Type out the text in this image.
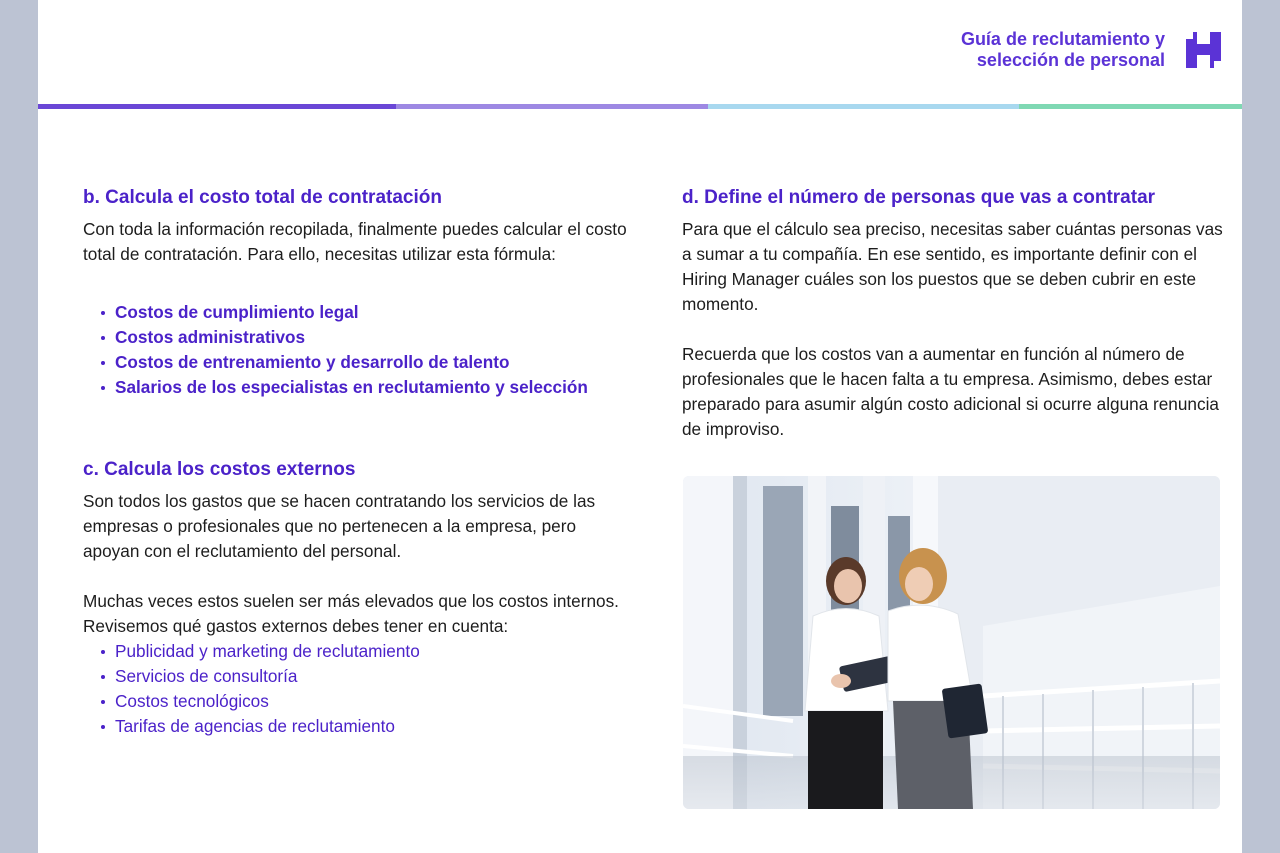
Guía de reclutamiento y
selección de personal
b. Calcula el costo total de contratación

Con toda la información recopilada, finalmente puedes calcular el costo total de contratación. Para ello, necesitas utilizar esta fórmula:

Costos de cumplimiento legal
Costos administrativos
Costos de entrenamiento y desarrollo de talento
Salarios de los especialistas en reclutamiento y selección
c. Calcula los costos externos

Son todos los gastos que se hacen contratando los servicios de las empresas o profesionales que no pertenecen a la empresa, pero apoyan con el reclutamiento del personal.

Muchas veces estos suelen ser más elevados que los costos internos. Revisemos qué gastos externos debes tener en cuenta:

Publicidad y marketing de reclutamiento
Servicios de consultoría
Costos tecnológicos
Tarifas de agencias de reclutamiento
d. Define el número de personas que vas a contratar

Para que el cálculo sea preciso, necesitas saber cuántas personas vas a sumar a tu compañía. En ese sentido, es importante definir con el Hiring Manager cuáles son los puestos que se deben cubrir en este momento.

Recuerda que los costos van a aumentar en función al número de profesionales que le hacen falta a tu empresa. Asimismo, debes estar preparado para asumir algún costo adicional si ocurre alguna renuncia de improviso.
